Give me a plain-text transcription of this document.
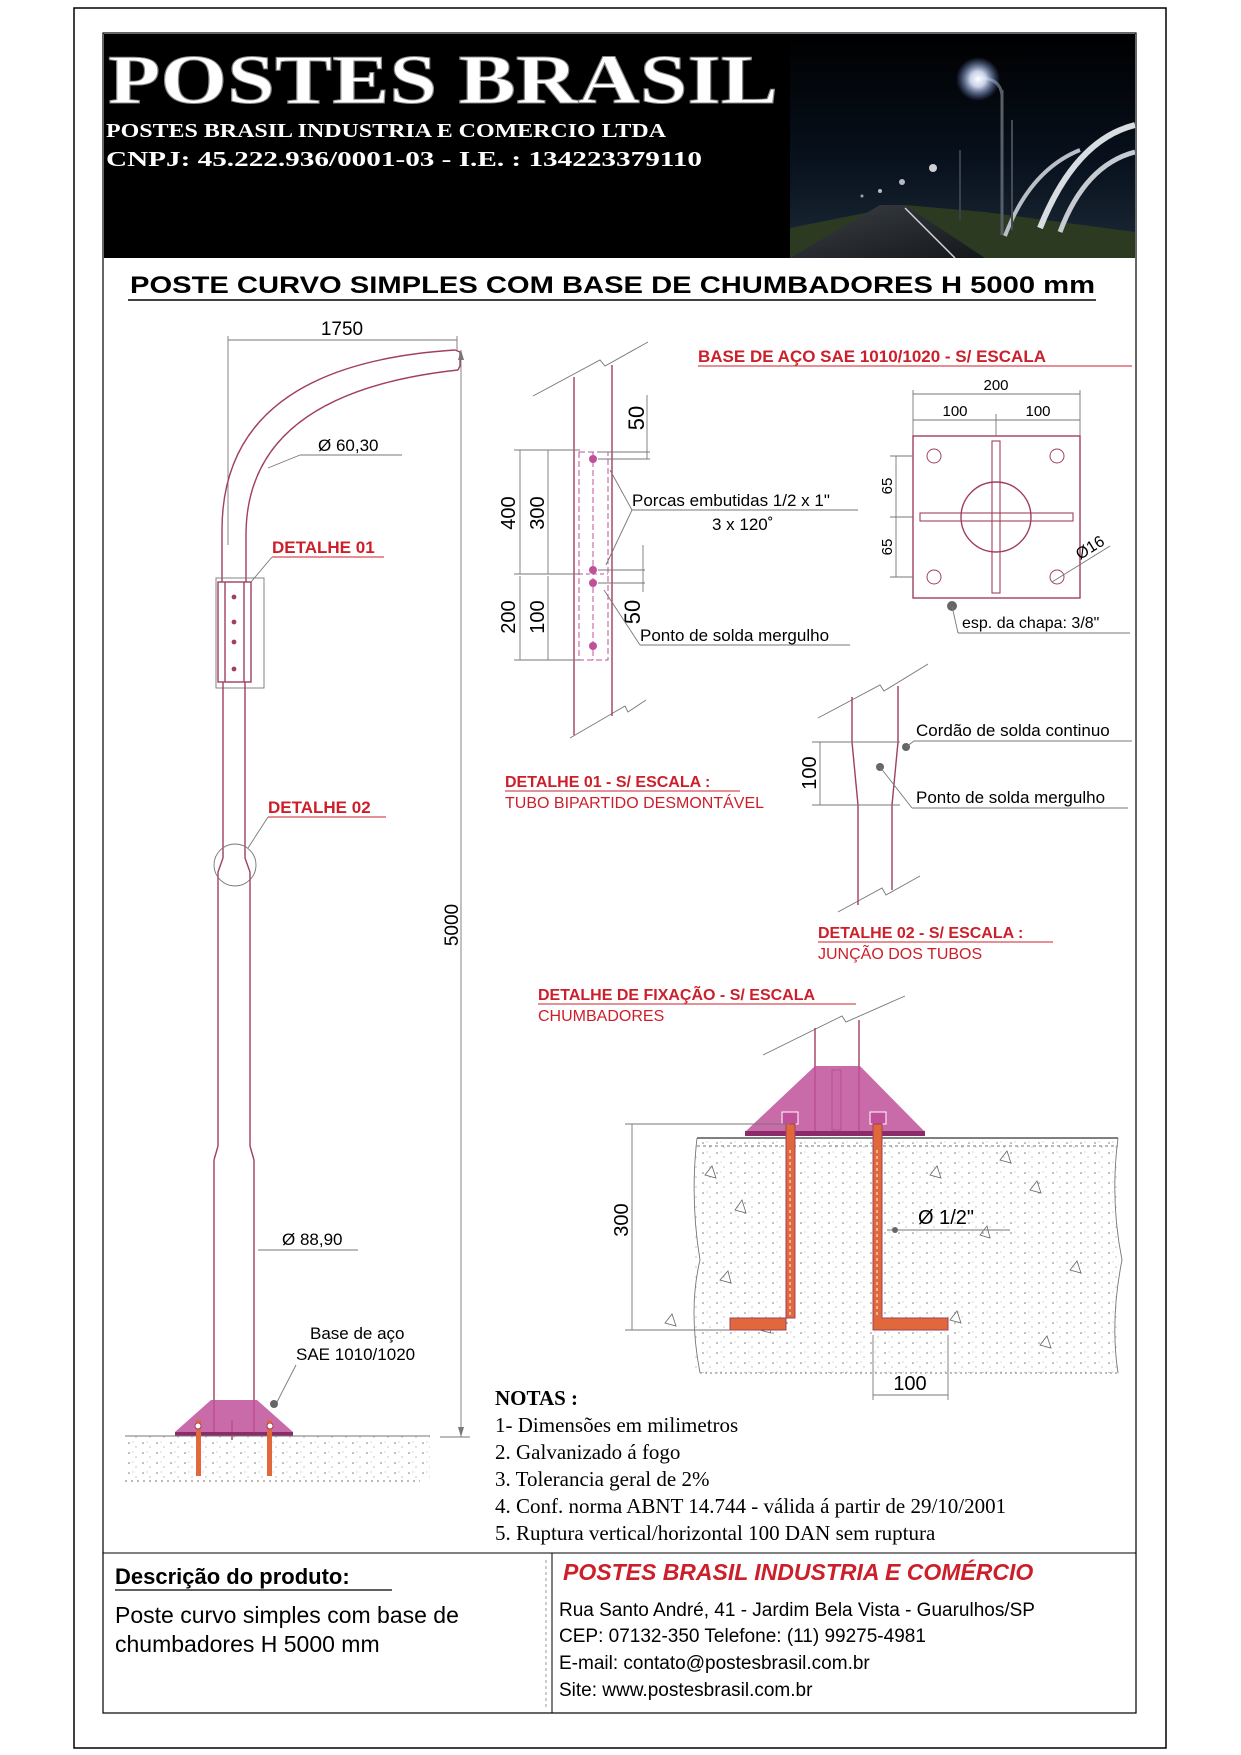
POSTES BRASIL
POSTES BRASIL INDUSTRIA E COMERCIO LTDA
CNPJ: 45.222.936/0001-03 - I.E. : 134223379110
POSTE CURVO SIMPLES COM BASE DE CHUMBADORES H 5000 mm
1750
Ø 60,30
DETALHE 01
DETALHE 02
Ø 88,90
Base de aço
SAE 1010/1020
5000
400 300
200 100
50
50
Porcas embutidas 1/2 x 1"
3 x 120˚
Ponto de solda mergulho
DETALHE 01 - S/ ESCALA :
TUBO BIPARTIDO DESMONTÁVEL
BASE DE AÇO SAE 1010/1020 - S/ ESCALA
200
100	100
65
65	Ø16
esp. da chapa: 3/8"
100
Cordão de solda continuo
Ponto de solda mergulho
DETALHE 02 - S/ ESCALA :
JUNÇÃO DOS TUBOS
DETALHE DE FIXAÇÃO - S/ ESCALA
CHUMBADORES
300	Ø 1/2"
100
NOTAS :
1- Dimensões em milimetros
2. Galvanizado á fogo
3. Tolerancia geral de 2%
4. Conf. norma ABNT 14.744 - válida á partir de 29/10/2001
5. Ruptura vertical/horizontal 100 DAN sem ruptura
Descrição do produto:
Poste curvo simples com base de
chumbadores H 5000 mm
POSTES BRASIL INDUSTRIA E COMÉRCIO
Rua Santo André, 41 - Jardim Bela Vista - Guarulhos/SP
CEP: 07132-350 Telefone: (11) 99275-4981
E-mail: contato@postesbrasil.com.br
Site: www.postesbrasil.com.br
